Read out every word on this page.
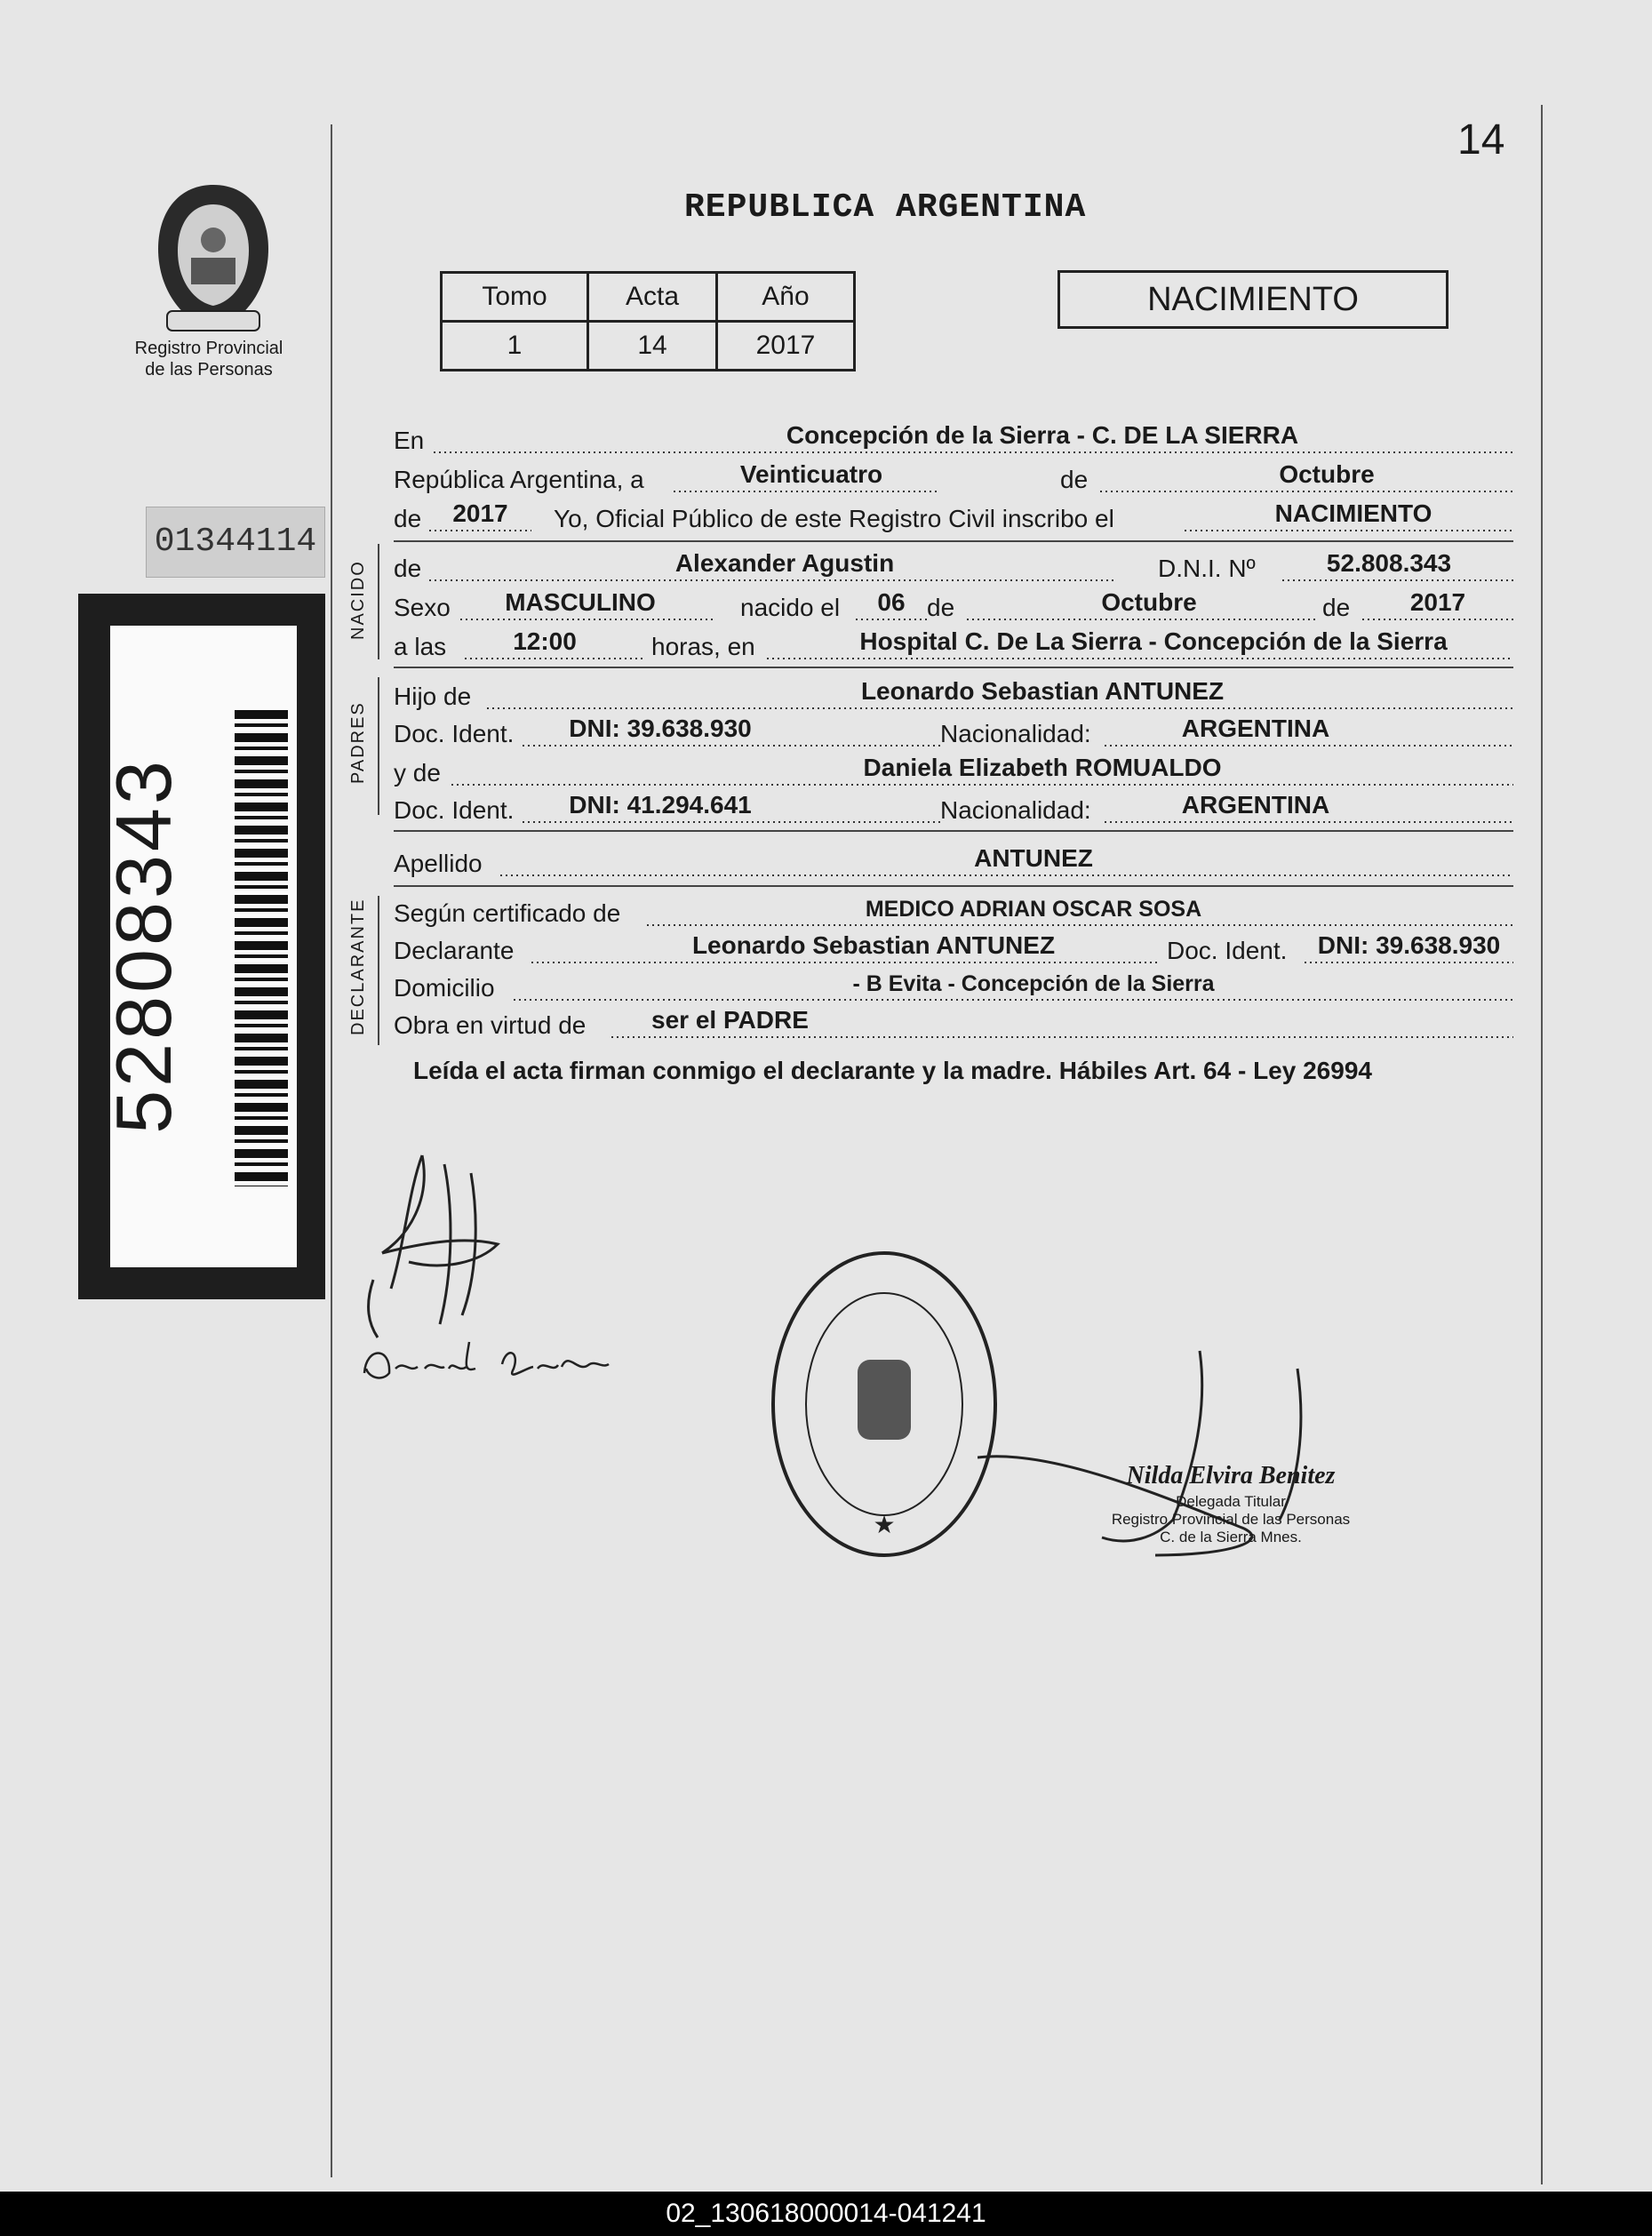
14
Registro Provincial
de las Personas
01344114
52808343
REPUBLICA ARGENTINA
Tomo	Acta	Año
1	14	2017
NACIMIENTO
NACIDO
PADRES
DECLARANTE
En	Concepción de la Sierra - C. DE LA SIERRA
República Argentina, a	Veinticuatro	de	Octubre
de	2017	Yo, Oficial Público de este Registro Civil inscribo el	NACIMIENTO
de	Alexander Agustin	D.N.I. Nº	52.808.343
Sexo	MASCULINO	nacido el	06 de	Octubre	de	2017
a las	12:00	horas, en	Hospital C. De La Sierra - Concepción de la Sierra
Hijo de	Leonardo Sebastian ANTUNEZ
Doc. Ident.	DNI: 39.638.930	Nacionalidad:	ARGENTINA
y de	Daniela Elizabeth ROMUALDO
Doc. Ident.	DNI: 41.294.641	Nacionalidad:	ARGENTINA
Apellido	ANTUNEZ
Según certificado de	MEDICO ADRIAN OSCAR SOSA
Declarante	Leonardo Sebastian ANTUNEZ	Doc. Ident.	DNI: 39.638.930
Domicilio	- B Evita - Concepción de la Sierra
Obra en virtud de	ser el PADRE
Leída el acta firman conmigo el declarante y la madre. Hábiles Art. 64 - Ley 26994
★
Nilda Elvira Benitez
Delegada Titular
Registro Provincial de las Personas
C. de la Sierra Mnes.
02_130618000014-041241
